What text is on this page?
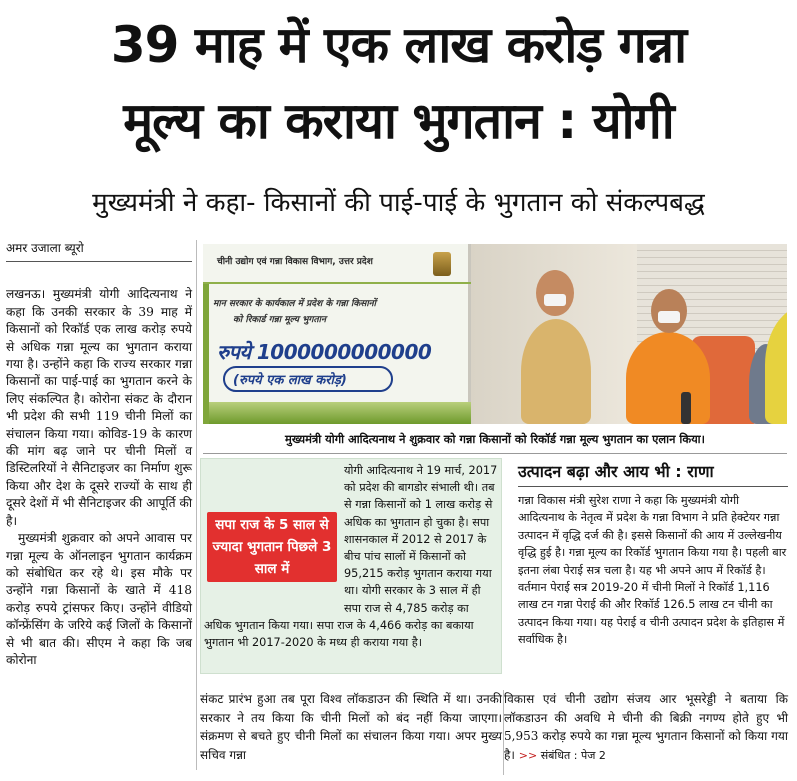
39 माह में एक लाख करोड़ गन्ना
मूल्य का कराया भुगतान : योगी
मुख्यमंत्री ने कहा- किसानों की पाई-पाई के भुगतान को संकल्पबद्ध
अमर उजाला ब्यूरो

लखनऊ। मुख्यमंत्री योगी आदित्यनाथ ने कहा कि उनकी सरकार के 39 माह में किसानों को रिकॉर्ड एक लाख करोड़ रुपये से अधिक गन्ना मूल्य का भुगतान कराया गया है। उन्होंने कहा कि राज्य सरकार गन्ना किसानों का पाई-पाई का भुगतान करने के लिए संकल्पित है। कोरोना संकट के दौरान भी प्रदेश की सभी 119 चीनी मिलों का संचालन किया गया। कोविड-19 के कारण की मांग बढ़ जाने पर चीनी मिलों व डिस्टिलरियों ने सैनिटाइजर का निर्माण शुरू किया और देश के दूसरे राज्यों के साथ ही दूसरे देशों में भी सैनिटाइजर की आपूर्ति की है।

मुख्यमंत्री शुक्रवार को अपने आवास पर गन्ना मूल्य के ऑनलाइन भुगतान कार्यक्रम को संबोधित कर रहे थे। इस मौके पर उन्होंने गन्ना किसानों के खाते में 418 करोड़ रुपये ट्रांसफर किए। उन्होंने वीडियो कॉन्फ्रेंसिंग के जरिये कई जिलों के किसानों से भी बात की। सीएम ने कहा कि जब कोरोना

चीनी उद्योग एवं गन्ना विकास विभाग, उत्तर प्रदेश
मान सरकार के कार्यकाल में प्रदेश के गन्ना किसानों
को रिकार्ड गन्ना मूल्य भुगतान
रुपये 1000000000000
(रुपये एक लाख करोड़)
मुख्यमंत्री योगी आदित्यनाथ ने शुक्रवार को गन्ना किसानों को रिकॉर्ड गन्ना मूल्य भुगतान का एलान किया।

योगी आदित्यनाथ ने 19 मार्च, 2017 को प्रदेश की बागडोर संभाली थी। तब से गन्ना किसानों को 1 लाख करोड़ से अधिक का भुगतान हो चुका है। सपा शासनकाल में 2012 से 2017 के बीच पांच सालों में किसानों को 95,215 करोड़ भुगतान कराया गया था। योगी सरकार के 3 साल में ही सपा राज से 4,785 करोड़ का अधिक भुगतान किया गया। सपा राज के 4,466 करोड़ का बकाया भुगतान भी 2017-2020 के मध्य ही कराया गया है।

सपा राज के 5 साल से ज्यादा भुगतान पिछले 3 साल में
उत्पादन बढ़ा और आय भी : राणा

गन्ना विकास मंत्री सुरेश राणा ने कहा कि मुख्यमंत्री योगी आदित्यनाथ के नेतृत्व में प्रदेश के गन्ना विभाग ने प्रति हेक्टेयर गन्ना उत्पादन में वृद्धि दर्ज की है। इससे किसानों की आय में उल्लेखनीय वृद्धि हुई है। गन्ना मूल्य का रिकॉर्ड भुगतान किया गया है। पहली बार इतना लंबा पेराई सत्र चला है। यह भी अपने आप में रिकॉर्ड है।

वर्तमान पेराई सत्र 2019-20 में चीनी मिलों ने रिकॉर्ड 1,116 लाख टन गन्ना पेराई की और रिकॉर्ड 126.5 लाख टन चीनी का उत्पादन किया गया। यह पेराई व चीनी उत्पादन प्रदेश के इतिहास में सर्वाधिक है।

संकट प्रारंभ हुआ तब पूरा विश्व लॉकडाउन की स्थिति में था। उनकी सरकार ने तय किया कि चीनी मिलों को बंद नहीं किया जाएगा। संक्रमण से बचते हुए चीनी मिलों का संचालन किया गया। अपर मुख्य सचिव गन्ना
विकास एवं चीनी उद्योग संजय आर भूसरेड्डी ने बताया कि लॉकडाउन की अवधि मे चीनी की बिक्री नगण्य होते हुए भी 5,953 करोड़ रुपये का गन्ना मूल्य भुगतान किसानों को किया गया है। >> संबंधित : पेज 2
